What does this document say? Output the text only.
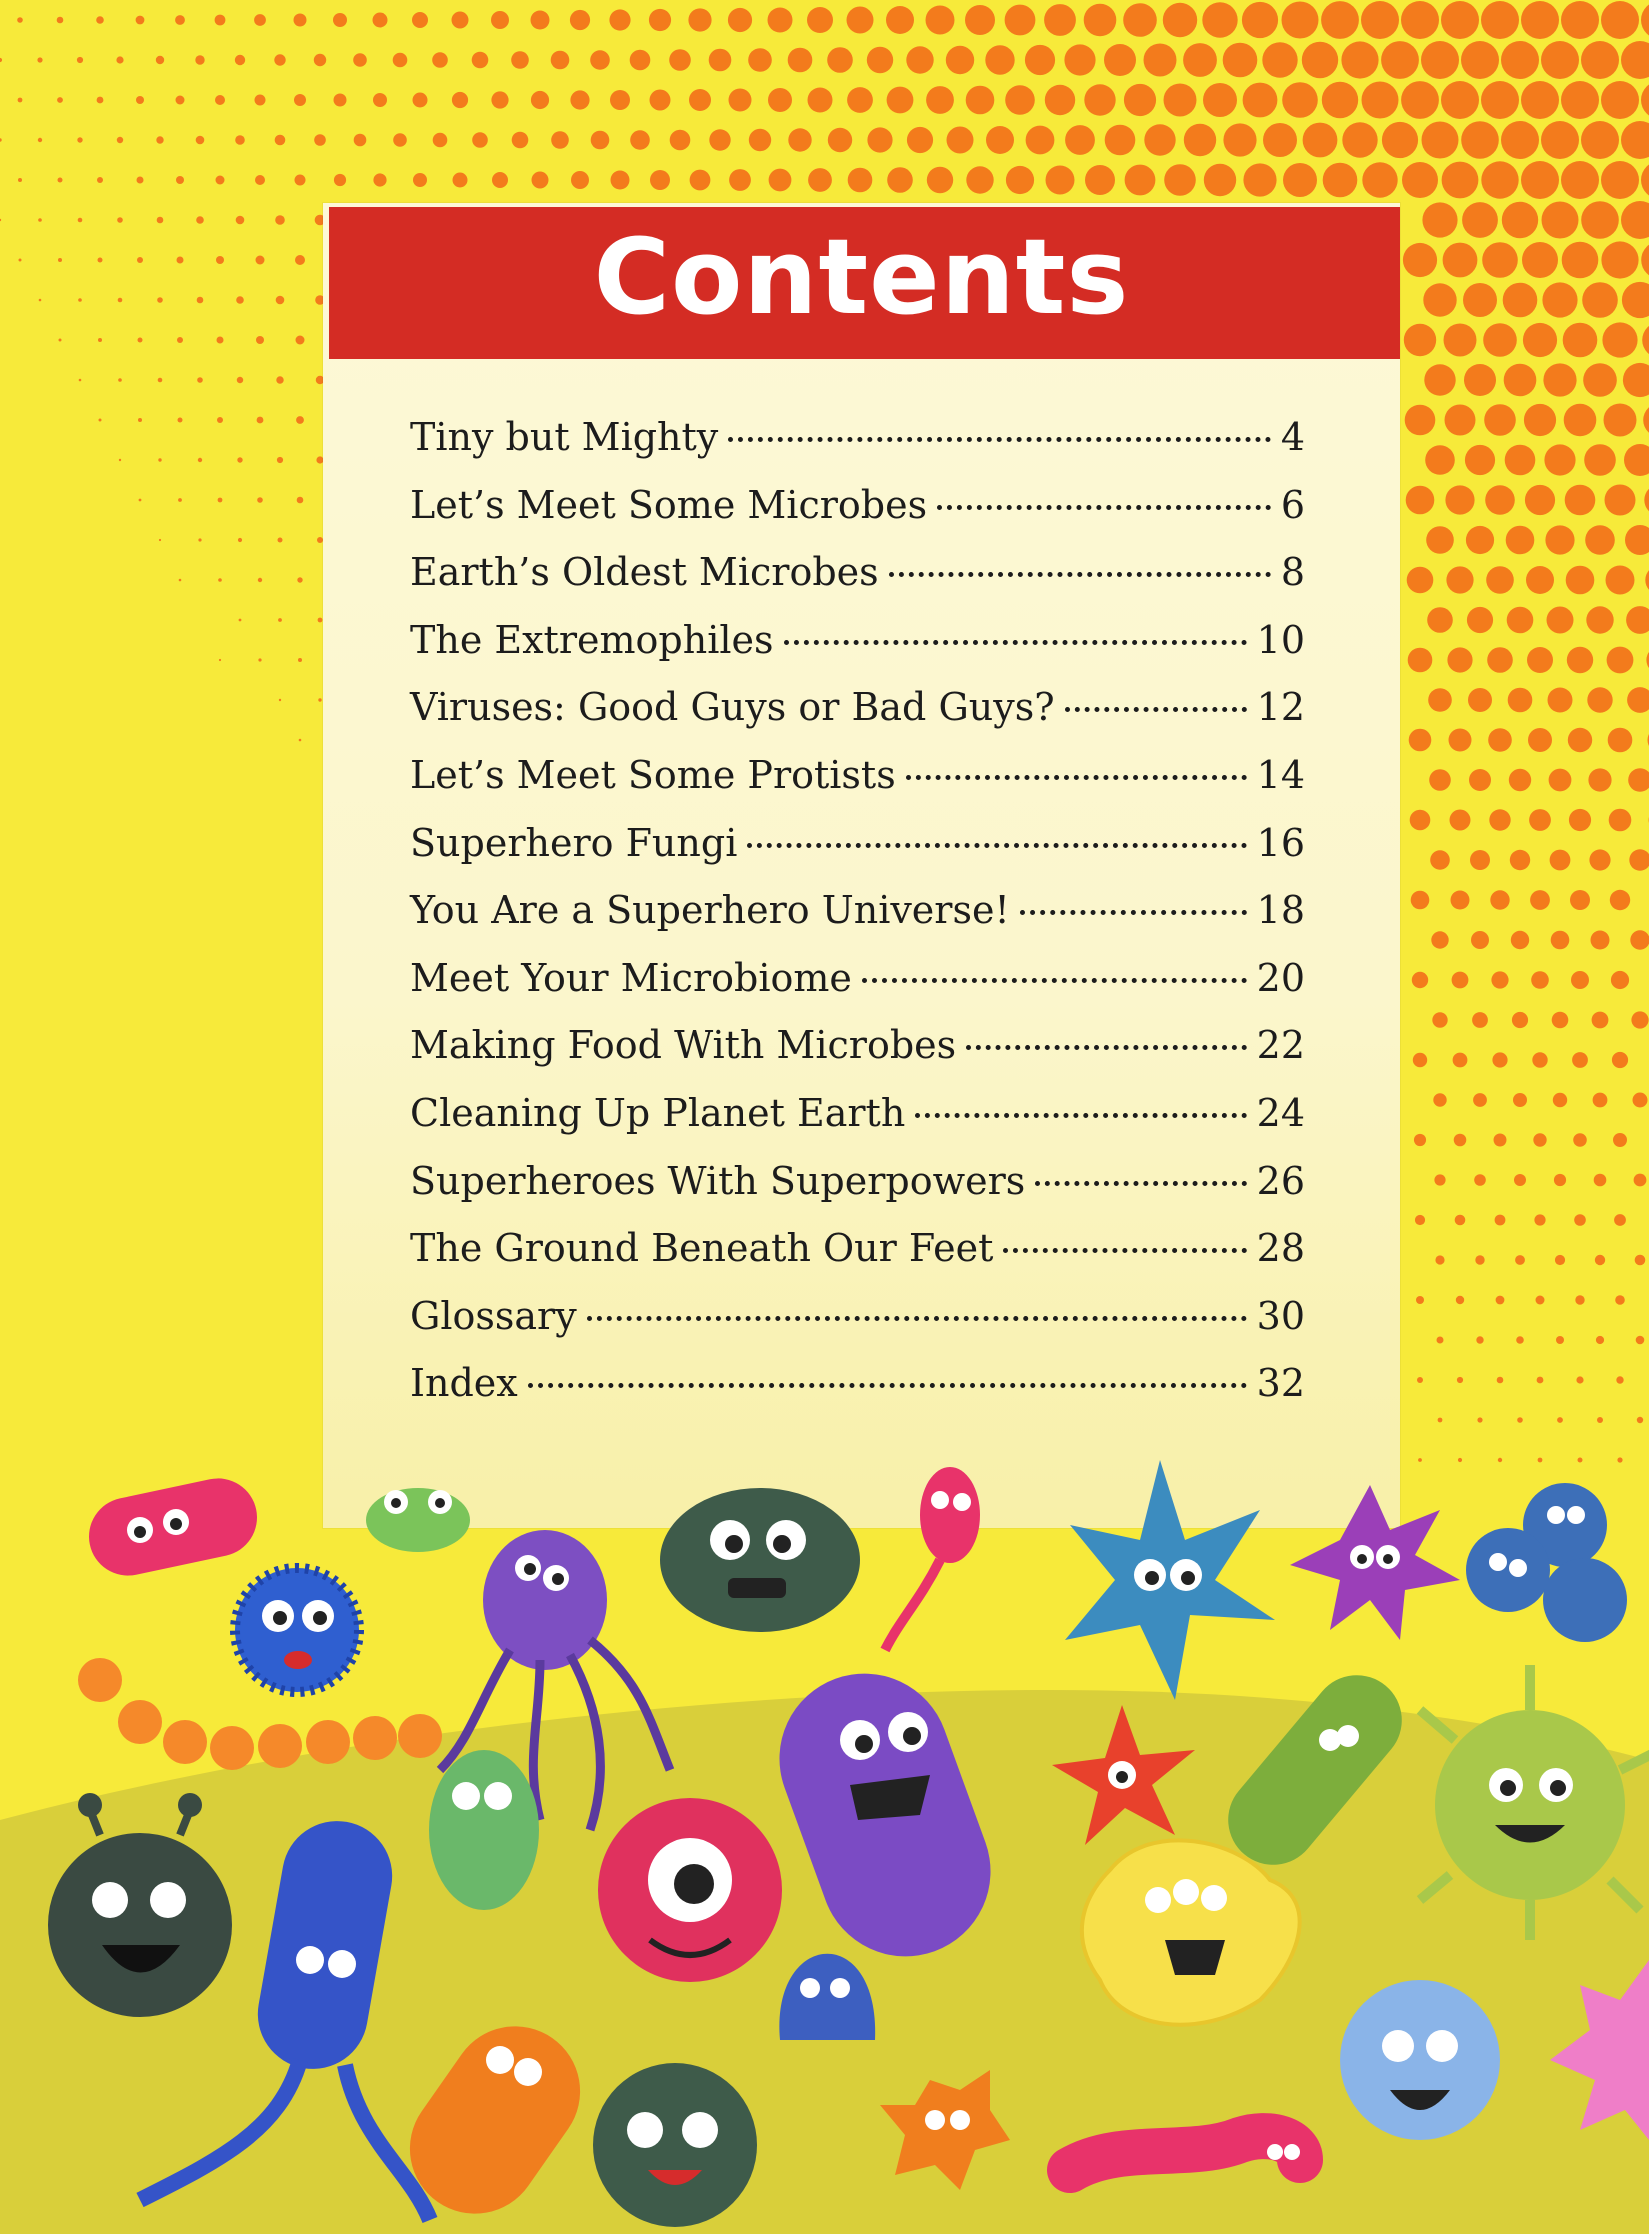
Contents
Tiny but Mighty	4
Let’s Meet Some Microbes	6
Earth’s Oldest Microbes	8
The Extremophiles	10
Viruses: Good Guys or Bad Guys?	12
Let’s Meet Some Protists	14
Superhero Fungi	16
You Are a Superhero Universe!	18
Meet Your Microbiome	20
Making Food With Microbes	22
Cleaning Up Planet Earth	24
Superheroes With Superpowers	26
The Ground Beneath Our Feet	28
Glossary	30
Index	32
